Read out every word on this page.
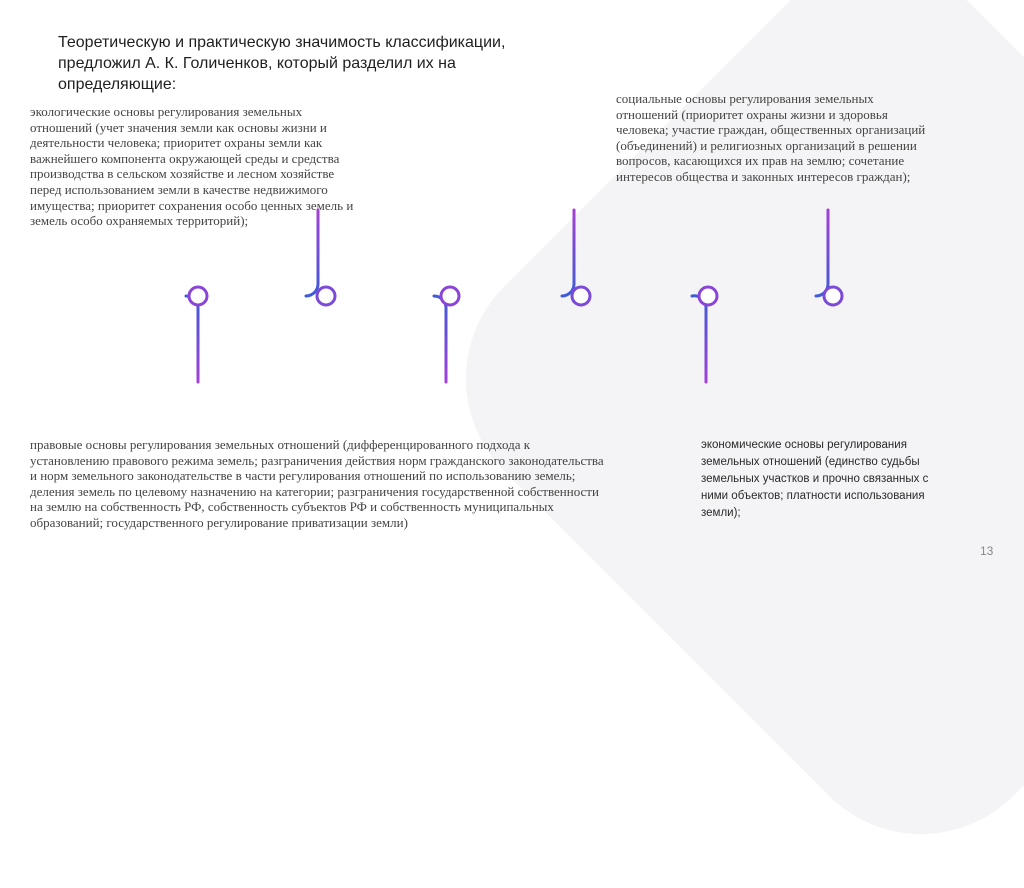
Теоретическую и практическую значимость классификации, предложил А. К. Голиченков, который разделил их на определяющие:

экологические основы регулирования земельных отношений (учет значения земли как основы жизни и деятельности человека; приоритет охраны земли как важнейшего компонента окружающей среды и средства производства в сельском хозяйстве и лесном хозяйстве перед использованием земли в качестве недвижимого имущества; приоритет сохранения особо ценных земель и земель особо охраняемых территорий);

социальные основы регулирования земельных отношений (приоритет охраны жизни и здоровья человека; участие граждан, общественных организаций (объединений) и религиозных организаций в решении вопросов, касающихся их прав на землю; сочетание интересов общества и законных интересов граждан);

правовые основы регулирования земельных отношений (дифференцированного подхода к установлению правового режима земель; разграничения действия норм гражданского законодательства и норм земельного законодательстве в части регулирования отношений по использованию земель; деления земель по целевому назначению на категории; разграничения государственной собственности на землю на собственность РФ, собственность субъектов РФ и собственность муниципальных образований; государственного регулирование приватизации земли)

экономические основы регулирования земельных отношений (единство судьбы земельных участков и прочно связанных с ними объектов; платности использования земли);

13
